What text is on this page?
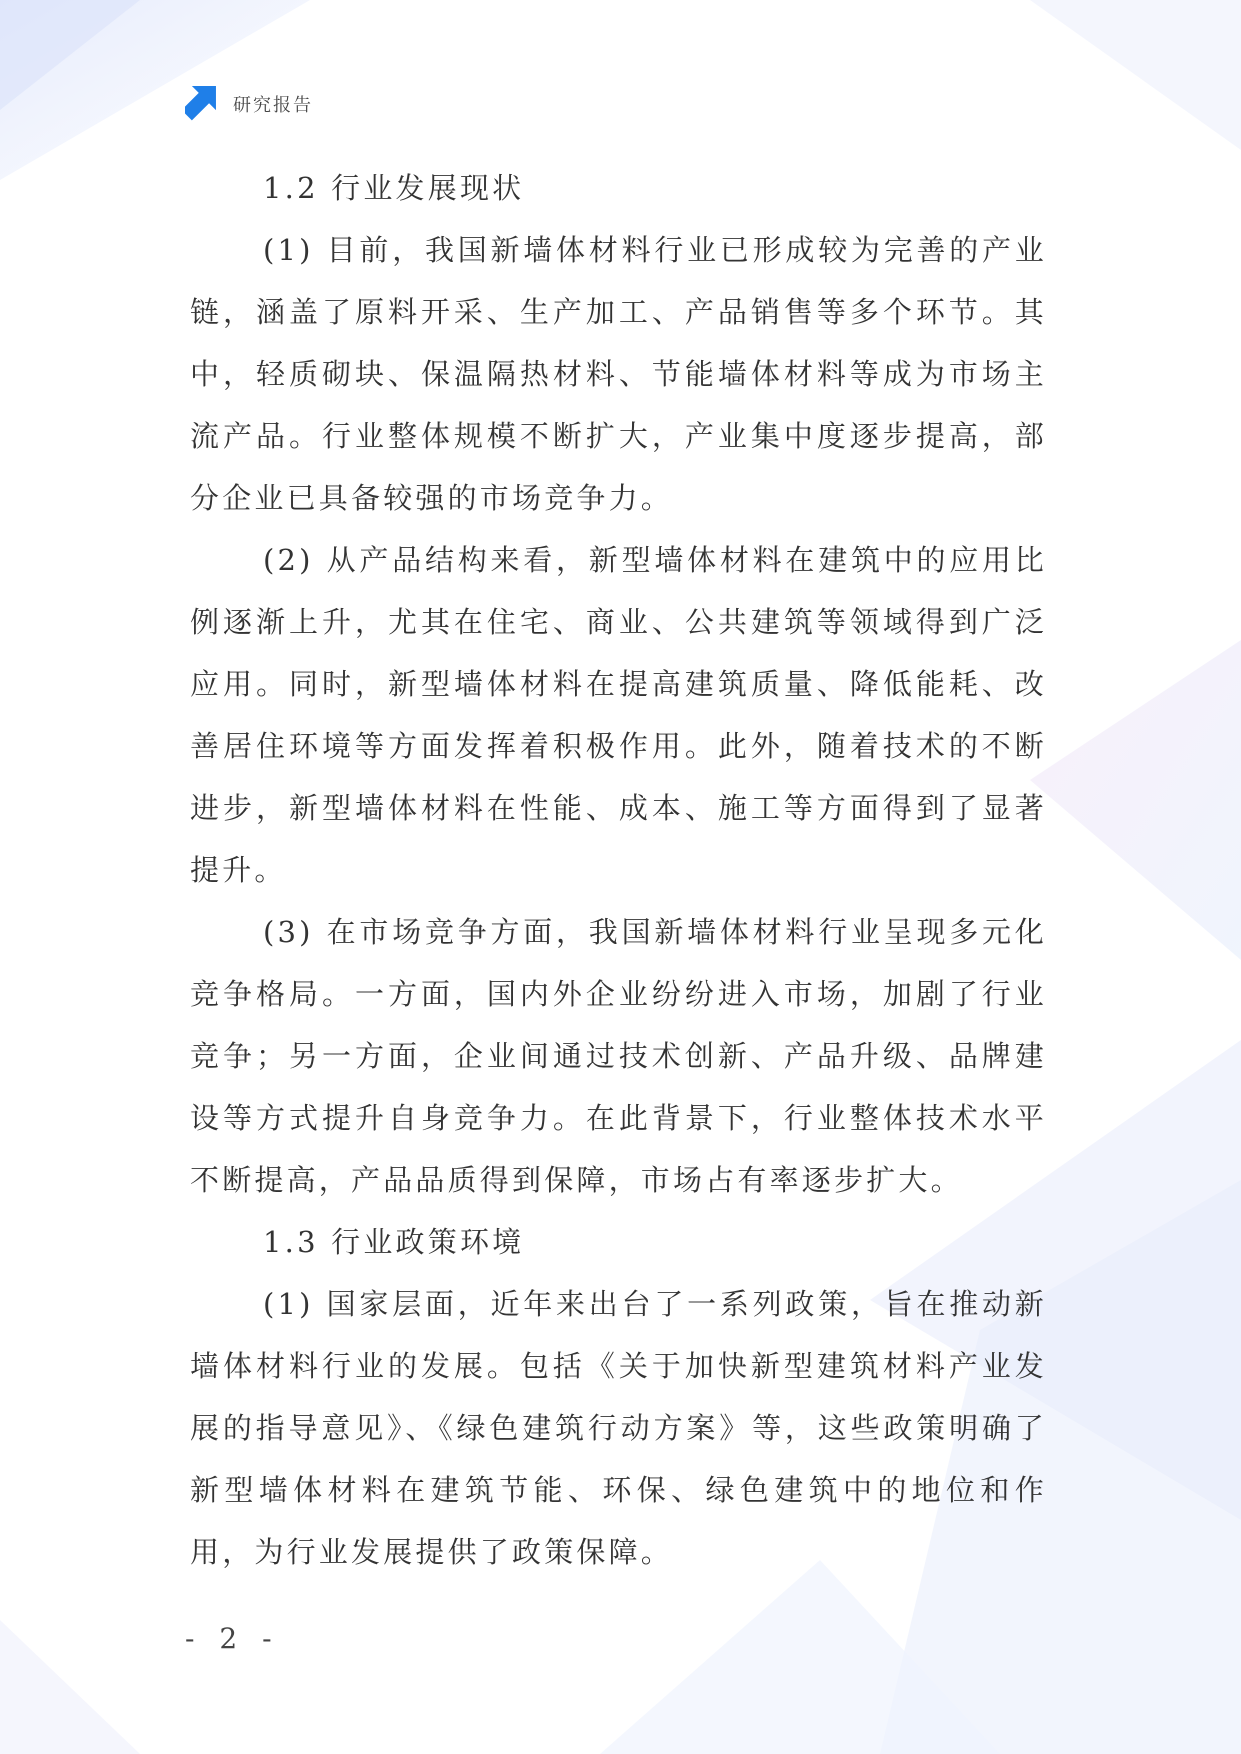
研究报告

1.2 行业发展现状

(1) 目前，我国新墙体材料行业已形成较为完善的产业链，涵盖了原料开采、生产加工、产品销售等多个环节。其中，轻质砌块、保温隔热材料、节能墙体材料等成为市场主流产品。行业整体规模不断扩大，产业集中度逐步提高，部分企业已具备较强的市场竞争力。

(2) 从产品结构来看，新型墙体材料在建筑中的应用比例逐渐上升，尤其在住宅、商业、公共建筑等领域得到广泛应用。同时，新型墙体材料在提高建筑质量、降低能耗、改善居住环境等方面发挥着积极作用。此外，随着技术的不断进步，新型墙体材料在性能、成本、施工等方面得到了显著提升。

(3) 在市场竞争方面，我国新墙体材料行业呈现多元化竞争格局。一方面，国内外企业纷纷进入市场，加剧了行业竞争；另一方面，企业间通过技术创新、产品升级、品牌建设等方式提升自身竞争力。在此背景下，行业整体技术水平不断提高，产品品质得到保障，市场占有率逐步扩大。

1.3 行业政策环境

(1) 国家层面，近年来出台了一系列政策，旨在推动新墙体材料行业的发展。包括《关于加快新型建筑材料产业发展的指导意见》、《绿色建筑行动方案》等，这些政策明确了新型墙体材料在建筑节能、环保、绿色建筑中的地位和作用，为行业发展提供了政策保障。

- 2 -
